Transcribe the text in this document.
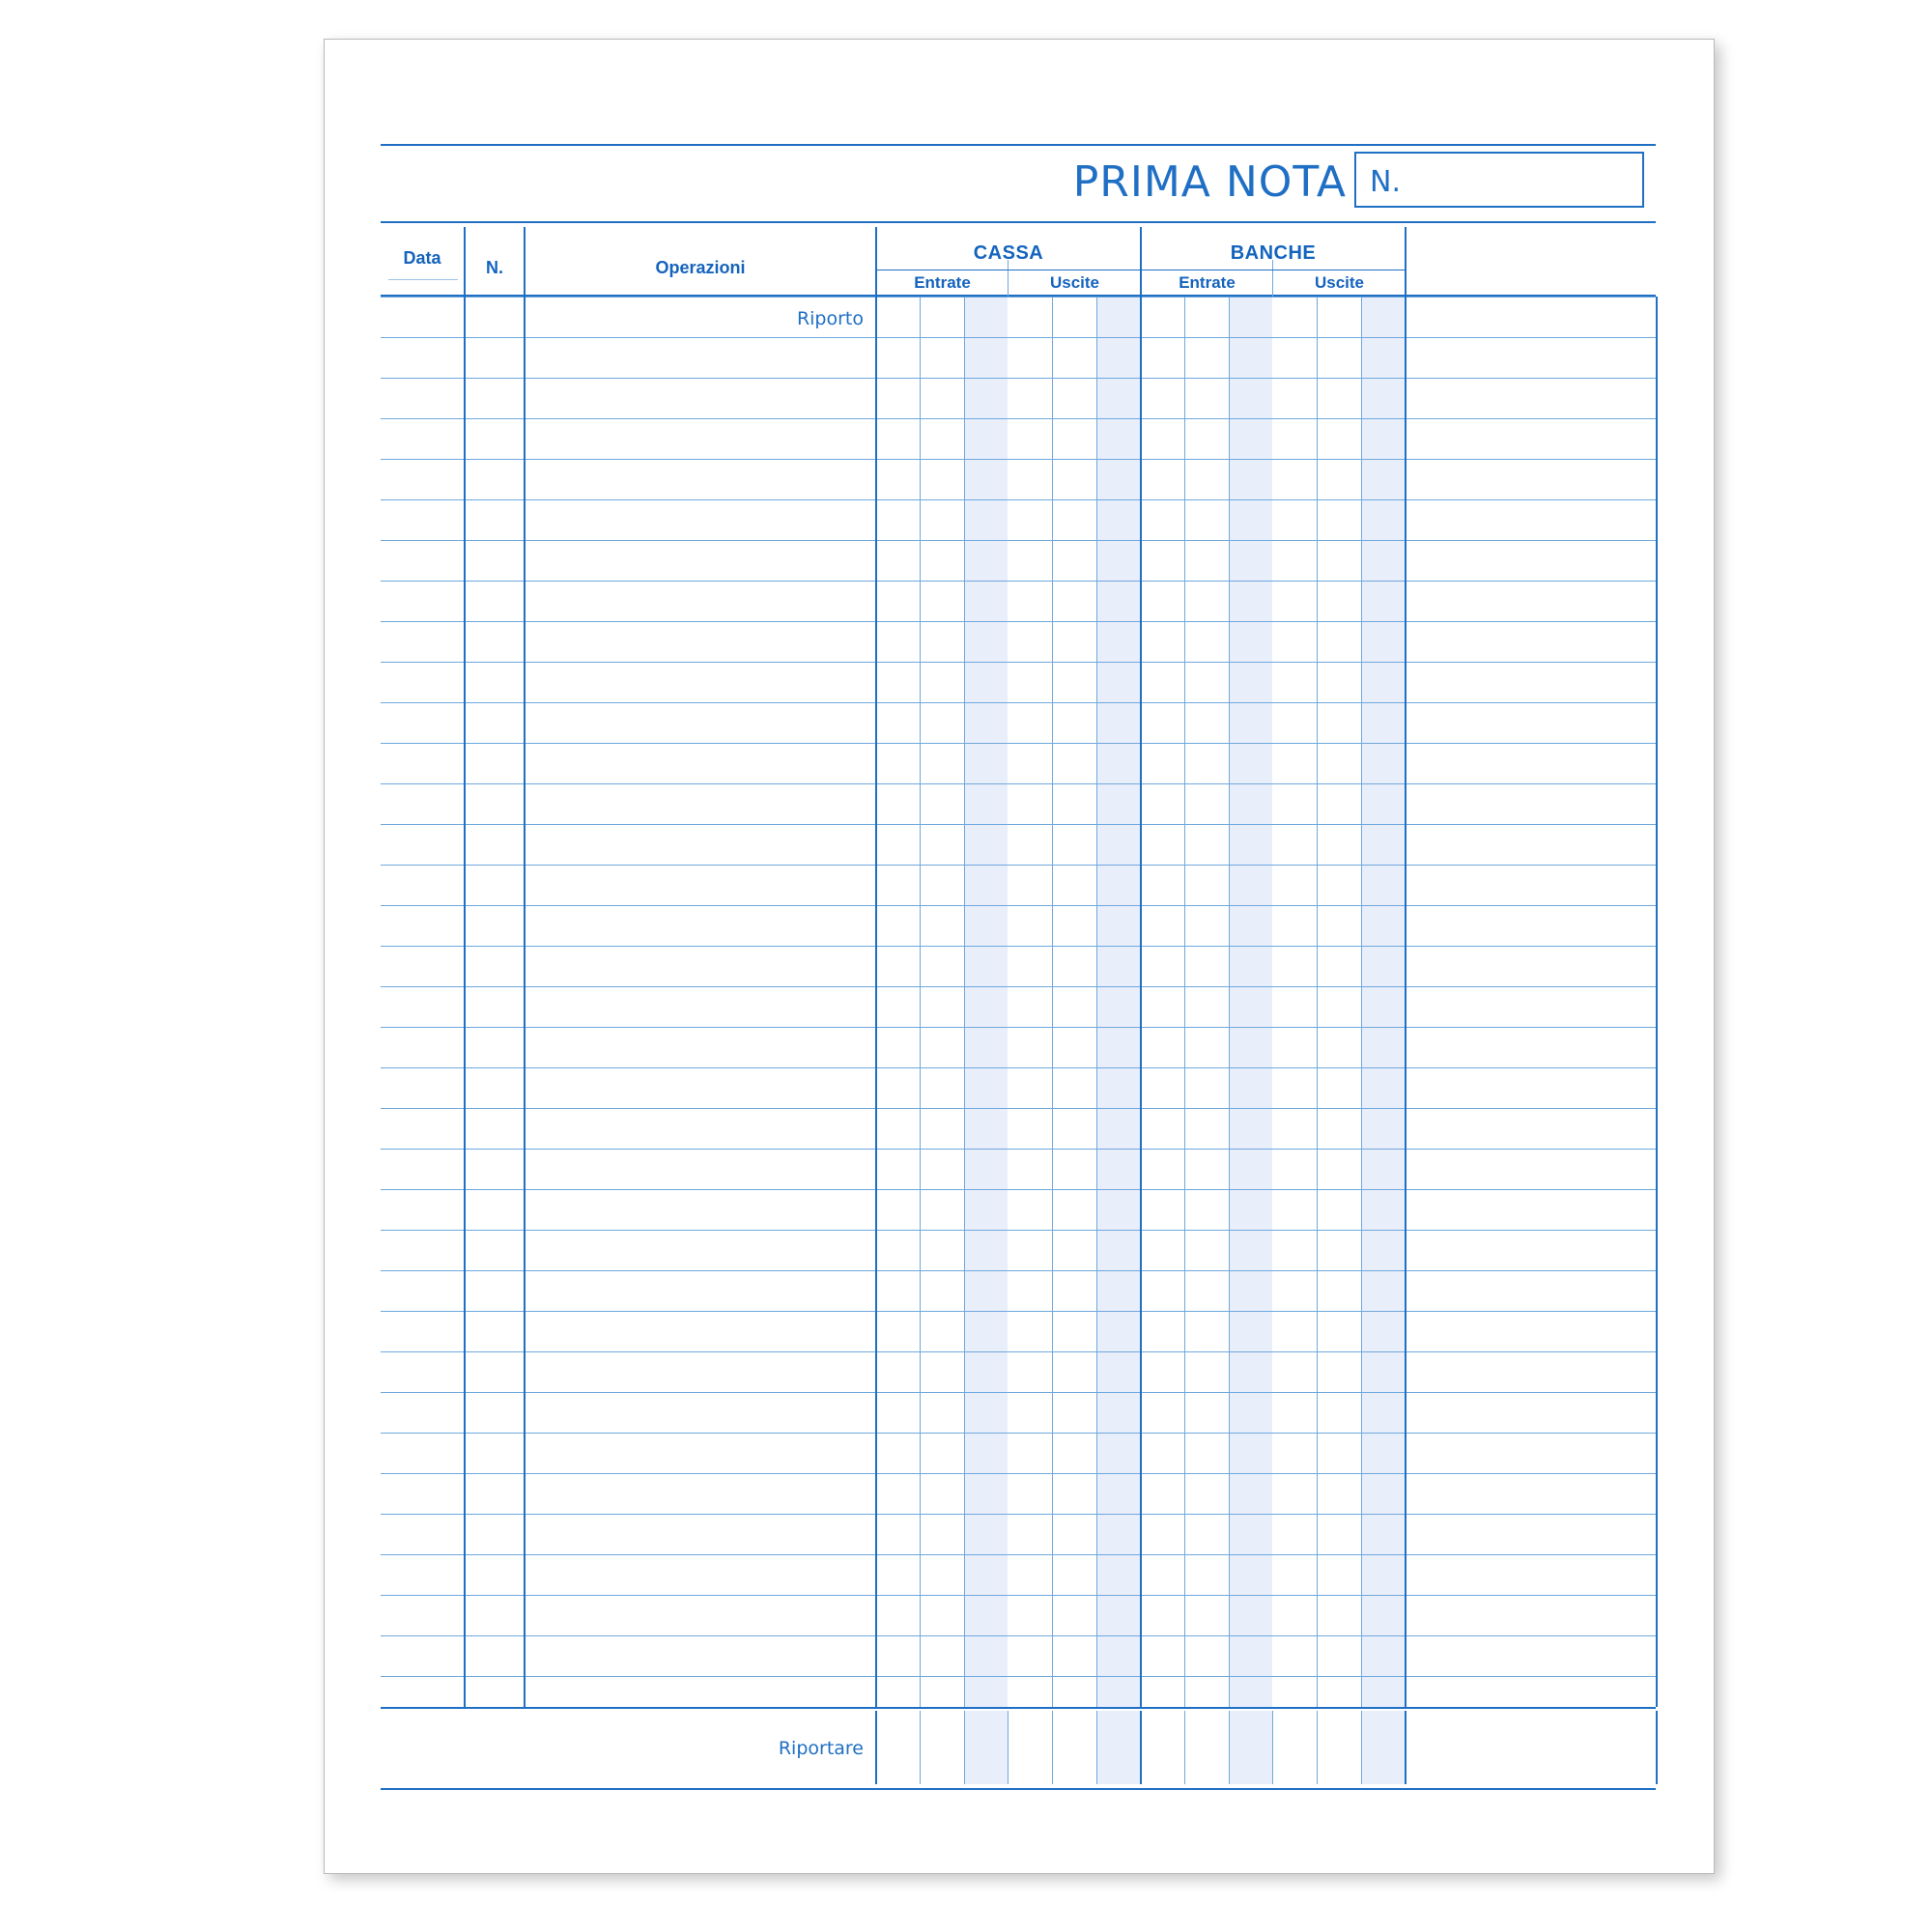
PRIMA NOTA N.
Data	N.	Operazioni
CASSA	BANCHE
Entrate	Uscite	Entrate	Uscite
Riporto
Riportare
